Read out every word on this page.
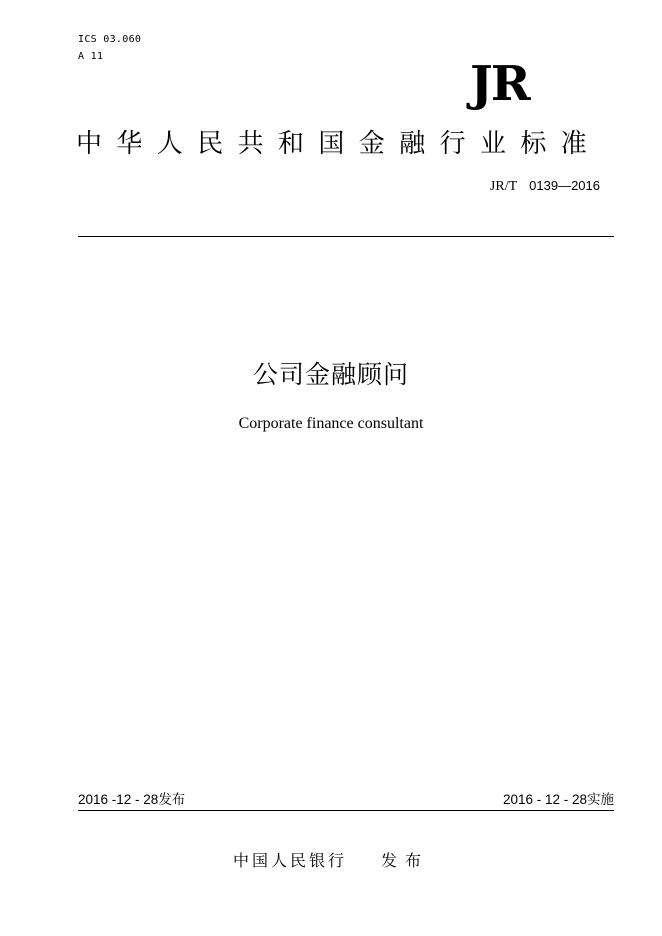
ICS 03.060
A 11	JR
中华人民共和国金融行业标准
JR/T 0139—2016
公司金融顾问
Corporate finance consultant
2016 -12 - 28发布	2016 - 12 - 28实施
中国人民银行 发布
